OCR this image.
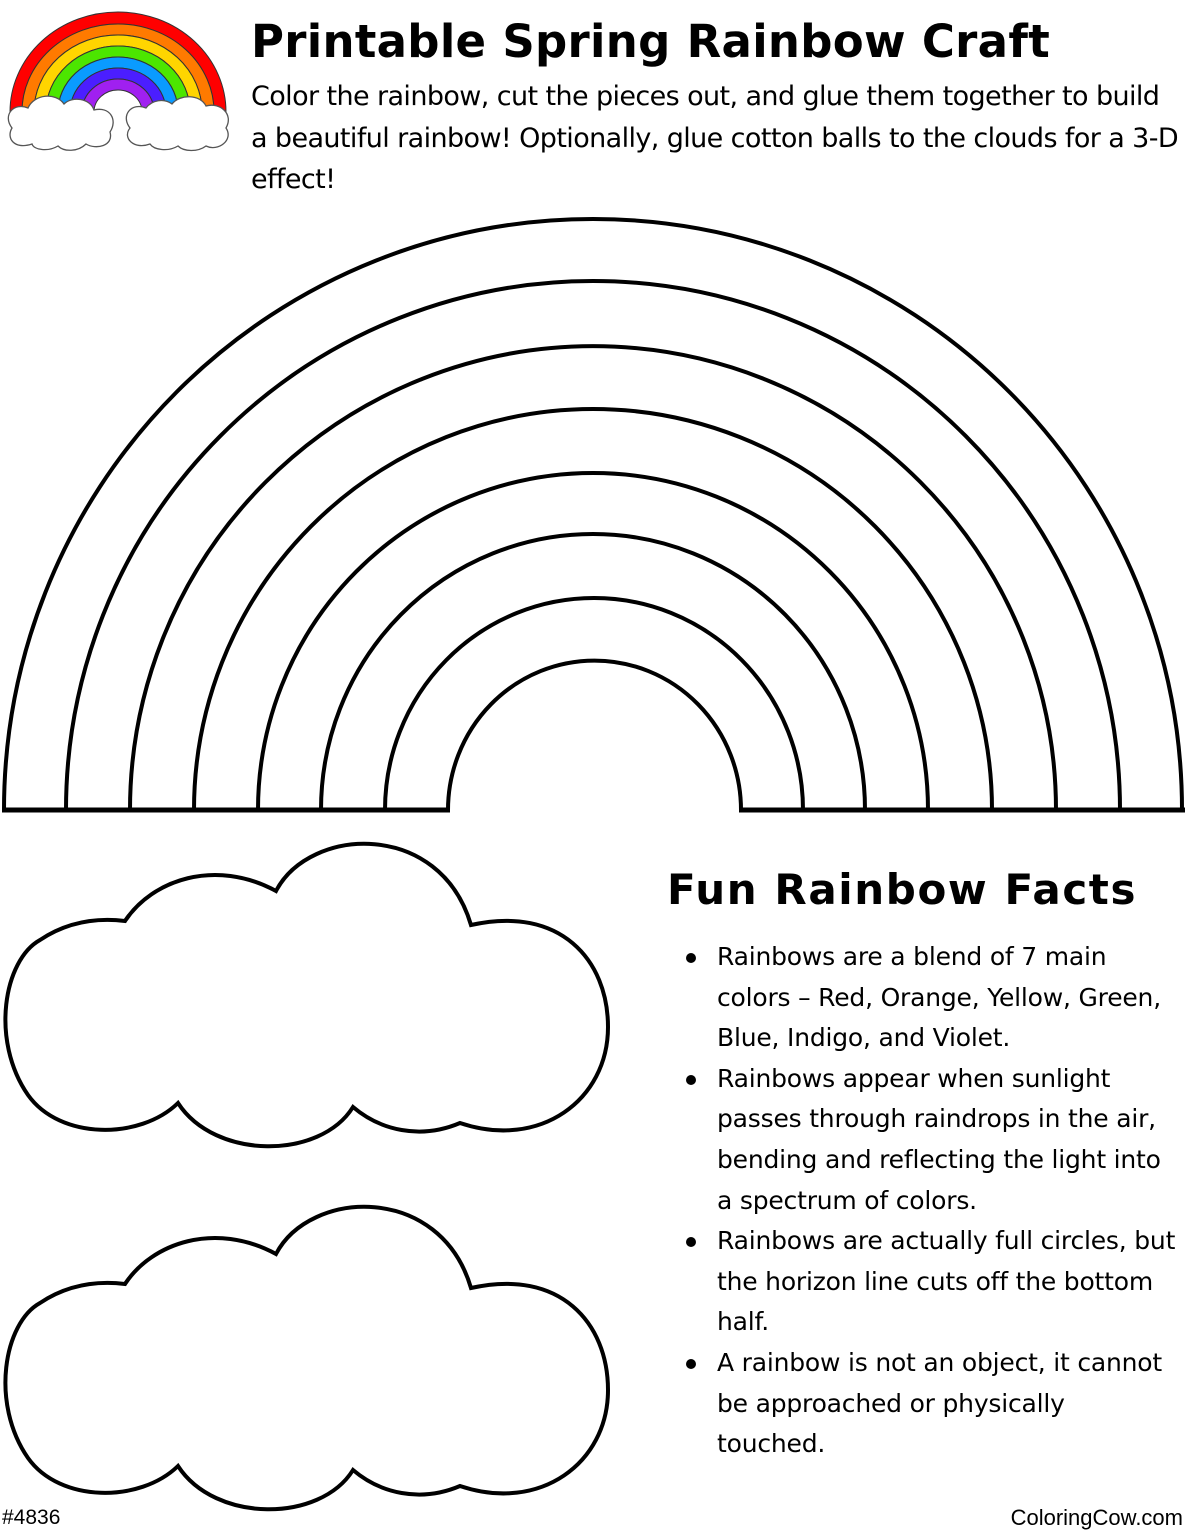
Printable Spring Rainbow Craft

Color the rainbow, cut the pieces out, and glue them together to build a beautiful rainbow! Optionally, glue cotton balls to the clouds for a 3-D effect!

Fun Rainbow Facts
Rainbows are a blend of 7 main colors – Red, Orange, Yellow, Green, Blue, Indigo, and Violet.
Rainbows appear when sunlight passes through raindrops in the air, bending and reflecting the light into a spectrum of colors.
Rainbows are actually full circles, but the horizon line cuts off the bottom half.
A rainbow is not an object, it cannot be approached or physically touched.
#4836	ColoringCow.com
